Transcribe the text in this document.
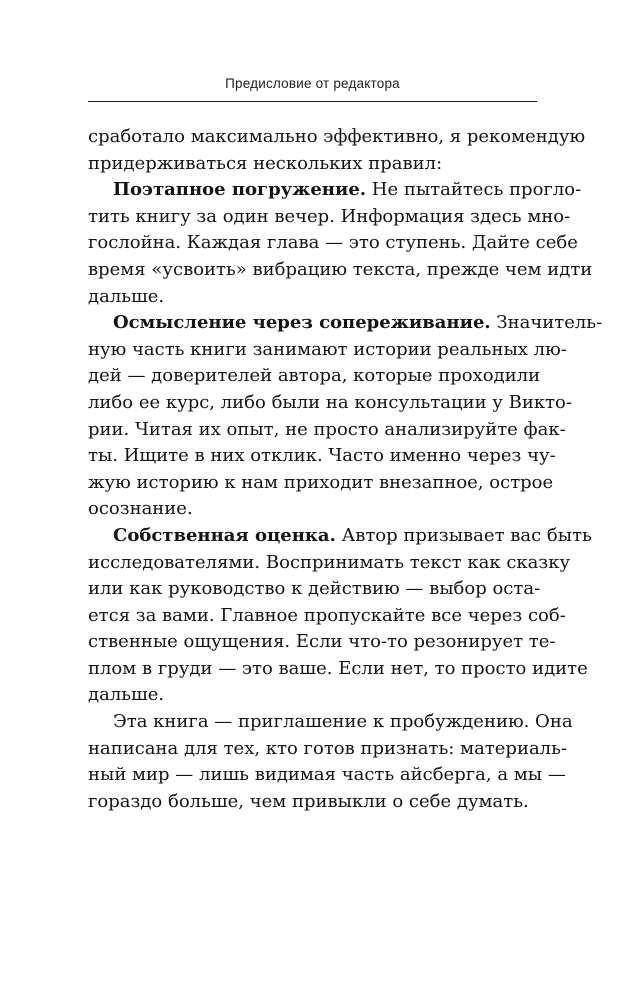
Предисловие от редактора
сработало максимально эффективно, я рекомендую
придерживаться нескольких правил:
Поэтапное погружение. Не пытайтесь прогло-
тить книгу за один вечер. Информация здесь мно-
гослойна. Каждая глава — это ступень. Дайте себе
время «усвоить» вибрацию текста, прежде чем идти
дальше.
Осмысление через сопереживание. Значитель-
ную часть книги занимают истории реальных лю-
дей — доверителей автора, которые проходили
либо ее курс, либо были на консультации у Викто-
рии. Читая их опыт, не просто анализируйте фак-
ты. Ищите в них отклик. Часто именно через чу-
жую историю к нам приходит внезапное, острое
осознание.
Собственная оценка. Автор призывает вас быть
исследователями. Воспринимать текст как сказку
или как руководство к действию — выбор оста-
ется за вами. Главное пропускайте все через соб-
ственные ощущения. Если что-то резонирует те-
плом в груди — это ваше. Если нет, то просто идите
дальше.
Эта книга — приглашение к пробуждению. Она
написана для тех, кто готов признать: материаль-
ный мир — лишь видимая часть айсберга, а мы —
гораздо больше, чем привыкли о себе думать.
